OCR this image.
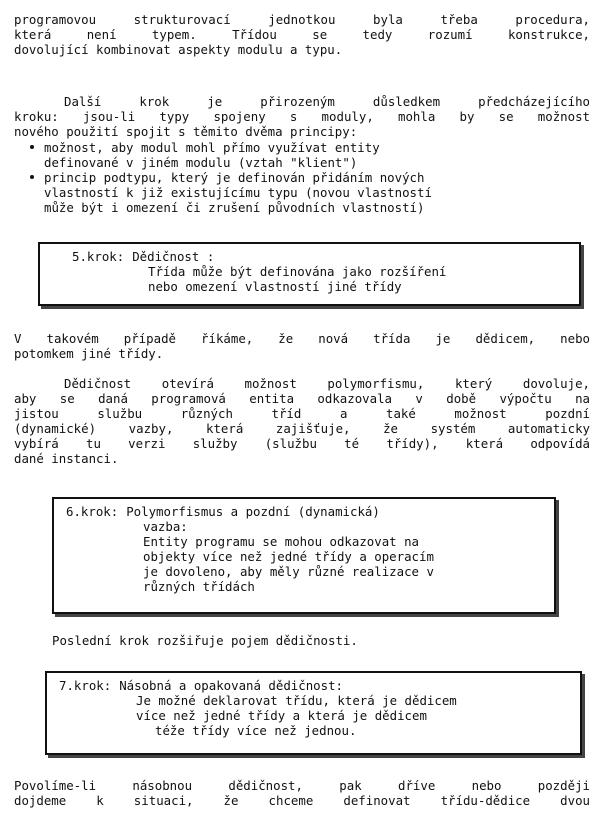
programovou strukturovací jednotkou byla třeba procedura,
která není typem. Třídou se tedy rozumí konstrukce,
dovolující kombinovat aspekty modulu a typu.
Další krok je přirozeným důsledkem předcházejícího
kroku: jsou-li typy spojeny s moduly, mohla by se možnost
nového použití spojit s těmito dvěma principy:
možnost, aby modul mohl přímo využívat entity
definované v jiném modulu (vztah "klient")
princip podtypu, který je definován přidáním nových
vlastností k již existujícímu typu (novou vlastností
může být i omezení či zrušení původních vlastností)
5.krok: Dědičnost :
Třída může být definována jako rozšíření
nebo omezení vlastností jiné třídy
V takovém případě říkáme, že nová třída je dědicem, nebo
potomkem jiné třídy.
Dědičnost otevírá možnost polymorfismu, který dovoluje,
aby se daná programová entita odkazovala v době výpočtu na
jistou službu různých tříd a také možnost pozdní
(dynamické) vazby, která zajišťuje, že systém automaticky
vybírá tu verzi služby (službu té třídy), která odpovídá
dané instanci.
6.krok: Polymorfismus a pozdní (dynamická)
vazba:
Entity programu se mohou odkazovat na
objekty více než jedné třídy a operacím
je dovoleno, aby měly různé realizace v
různých třídách
Poslední krok rozšiřuje pojem dědičnosti.
7.krok: Násobná a opakovaná dědičnost:
Je možné deklarovat třídu, která je dědicem
více než jedné třídy a která je dědicem
téže třídy více než jednou.
Povolíme-li násobnou dědičnost, pak dříve nebo později
dojdeme k situaci, že chceme definovat třídu-dědice dvou
